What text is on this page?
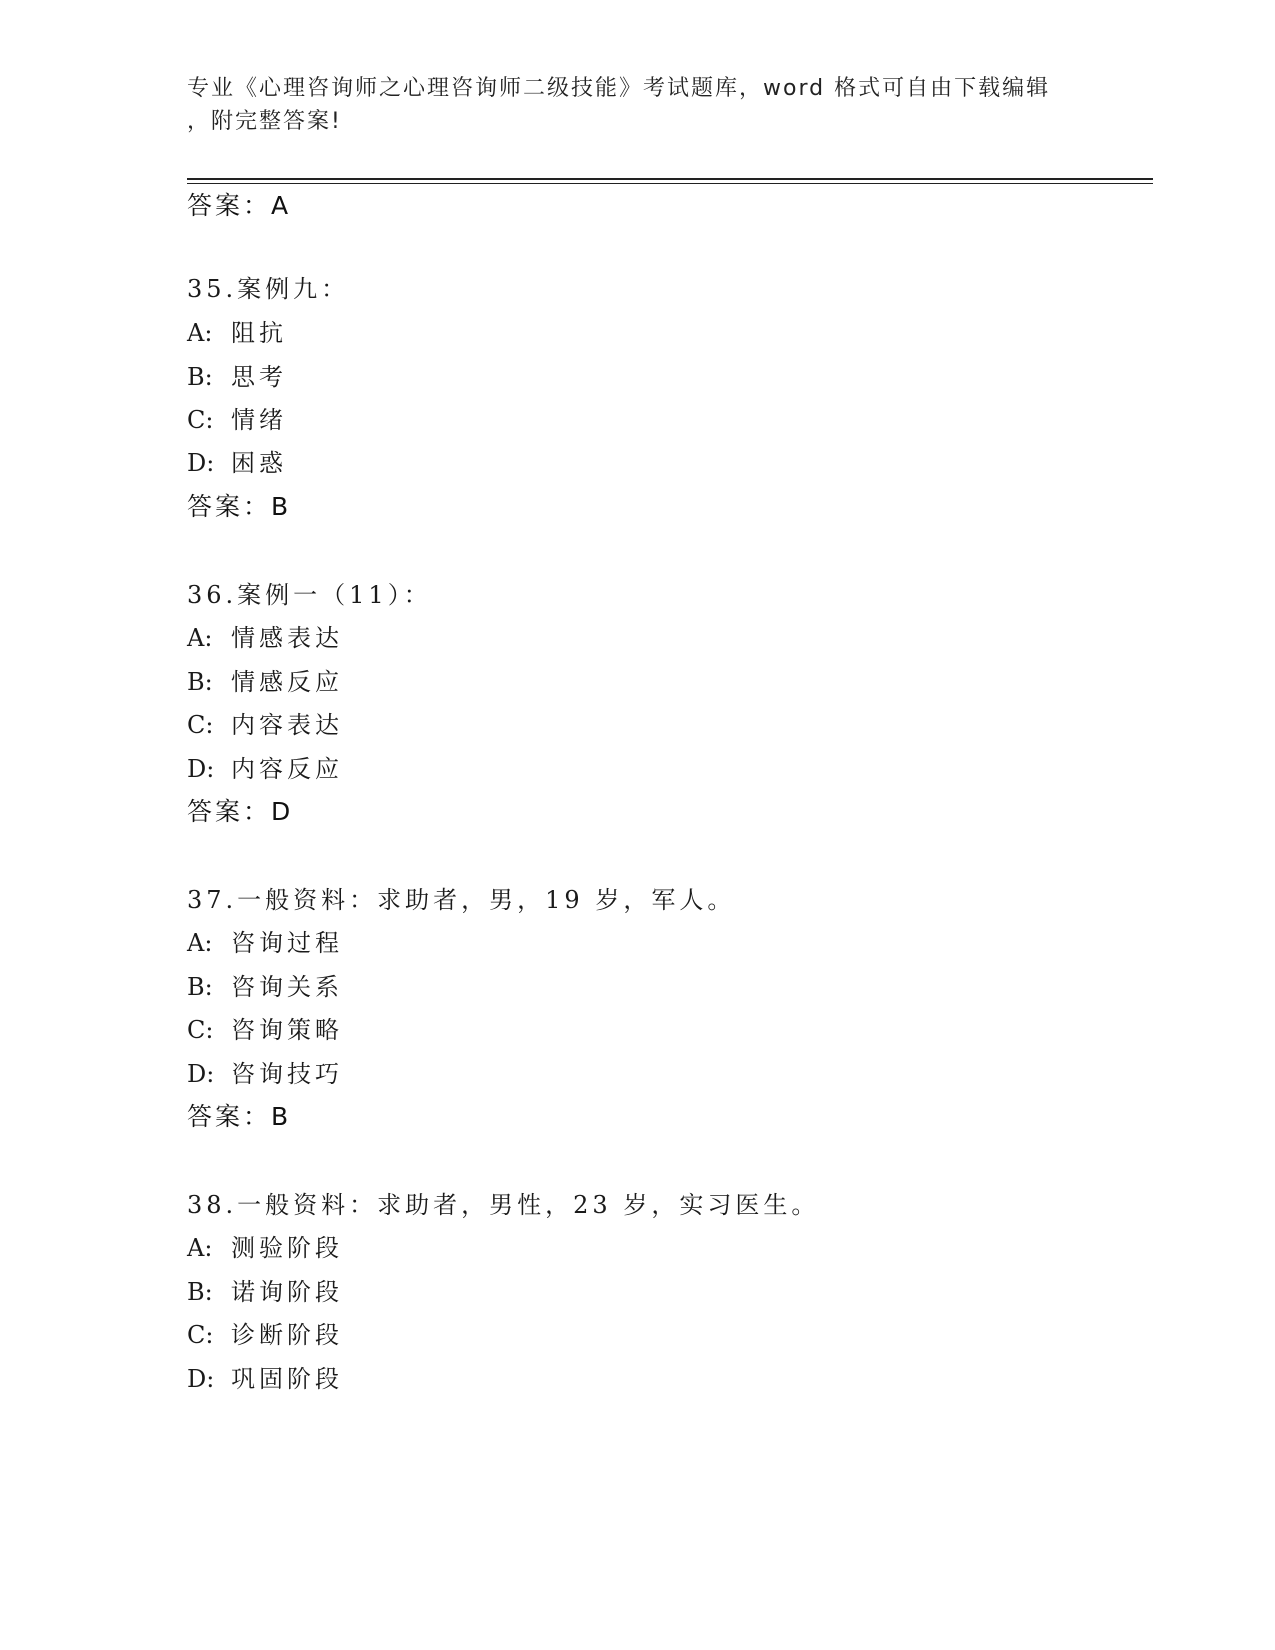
专业《心理咨询师之心理咨询师二级技能》考试题库，word 格式可自由下载编辑
，附完整答案!
答案：A
35.案例九：
A: 阻抗
B: 思考
C: 情绪
D: 困惑
答案：B
36.案例一（11）：
A: 情感表达
B: 情感反应
C: 内容表达
D: 内容反应
答案：D
37.一般资料：求助者，男，19 岁，军人。
A: 咨询过程
B: 咨询关系
C: 咨询策略
D: 咨询技巧
答案：B
38.一般资料：求助者，男性，23 岁，实习医生。
A: 测验阶段
B: 诺询阶段
C: 诊断阶段
D: 巩固阶段
